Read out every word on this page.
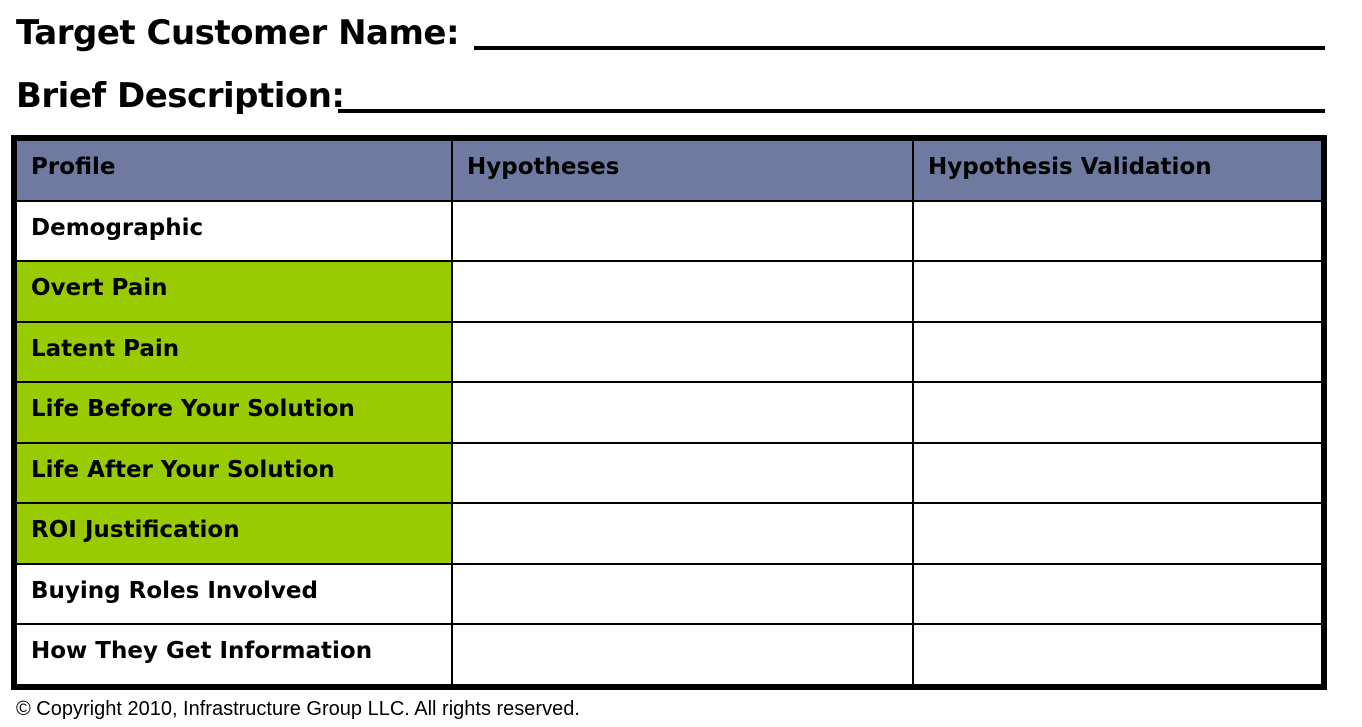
Target Customer Name:
Brief Description:
Profile	Hypotheses	Hypothesis Validation
Demographic		
Overt Pain		
Latent Pain		
Life Before Your Solution		
Life After Your Solution		
ROI Justification		
Buying Roles Involved		
How They Get Information		
© Copyright 2010, Infrastructure Group LLC. All rights reserved.
